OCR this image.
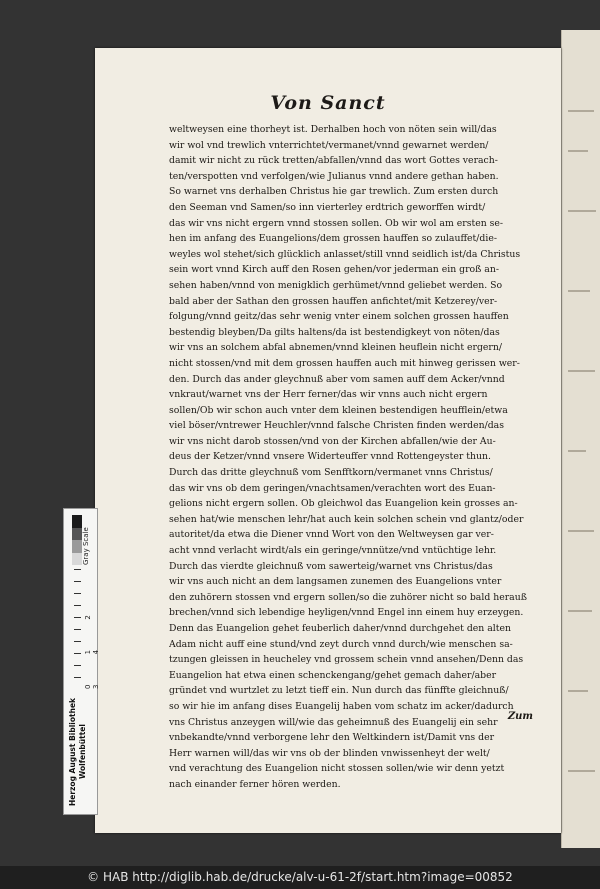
Von Sanct
weltweysen eine thorheyt ist. Derhalben hoch von nöten sein will/das
wir wol vnd trewlich vnterrichtet/vermanet/vnnd gewarnet werden/
damit wir nicht zu rück tretten/abfallen/vnnd das wort Gottes verach-
ten/verspotten vnd verfolgen/wie Julianus vnnd andere gethan haben.
So warnet vns derhalben Christus hie gar trewlich. Zum ersten durch
den Seeman vnd Samen/so inn vierterley erdtrich geworffen wirdt/
das wir vns nicht ergern vnnd stossen sollen. Ob wir wol am ersten se-
hen im anfang des Euangelions/dem grossen hauffen so zulauffet/die-
weyles wol stehet/sich glücklich anlasset/still vnnd seidlich ist/da Christus
sein wort vnnd Kirch auff den Rosen gehen/vor jederman ein groß an-
sehen haben/vnnd von menigklich gerhümet/vnnd geliebet werden. So
bald aber der Sathan den grossen hauffen anfichtet/mit Ketzerey/ver-
folgung/vnnd geitz/das sehr wenig vnter einem solchen grossen hauffen
bestendig bleyben/Da gilts haltens/da ist bestendigkeyt von nöten/das
wir vns an solchem abfal abnemen/vnnd kleinen heuflein nicht ergern/
nicht stossen/vnd mit dem grossen hauffen auch mit hinweg gerissen wer-
den. Durch das ander gleychnuß aber vom samen auff dem Acker/vnnd
vnkraut/warnet vns der Herr ferner/das wir vnns auch nicht ergern
sollen/Ob wir schon auch vnter dem kleinen bestendigen heufflein/etwa
viel böser/vntrewer Heuchler/vnnd falsche Christen finden werden/das
wir vns nicht darob stossen/vnd von der Kirchen abfallen/wie der Au-
deus der Ketzer/vnnd vnsere Widerteuffer vnnd Rottengeyster thun.
Durch das dritte gleychnuß vom Senfftkorn/vermanet vnns Christus/
das wir vns ob dem geringen/vnachtsamen/verachten wort des Euan-
gelions nicht ergern sollen. Ob gleichwol das Euangelion kein grosses an-
sehen hat/wie menschen lehr/hat auch kein solchen schein vnd glantz/oder
autoritet/da etwa die Diener vnnd Wort von den Weltweysen gar ver-
acht vnnd verlacht wirdt/als ein geringe/vnnütze/vnd vntüchtige lehr.
Durch das vierdte gleichnuß vom sawerteig/warnet vns Christus/das
wir vns auch nicht an dem langsamen zunemen des Euangelions vnter
den zuhörern stossen vnd ergern sollen/so die zuhörer nicht so bald herauß
brechen/vnnd sich lebendige heyligen/vnnd Engel inn einem huy erzeygen.
Denn das Euangelion gehet feuberlich daher/vnnd durchgehet den alten
Adam nicht auff eine stund/vnd zeyt durch vnnd durch/wie menschen sa-
tzungen gleissen in heucheley vnd grossem schein vnnd ansehen/Denn das
Euangelion hat etwa einen schenckengang/gehet gemach daher/aber
gründet vnd wurtzlet zu letzt tieff ein. Nun durch das fünffte gleichnuß/
so wir hie im anfang dises Euangelij haben vom schatz im acker/dadurch
vns Christus anzeygen will/wie das geheimnuß des Euangelij ein sehr
vnbekandte/vnnd verborgene lehr den Weltkindern ist/Damit vns der
Herr warnen will/das wir vns ob der blinden vnwissenheyt der welt/
vnd verachtung des Euangelion nicht stossen sollen/wie wir denn yetzt
nach einander ferner hören werden.
Zum
Gray Scale
0 1 2 3 4
Herzog August Bibliothek Wolfenbüttel
© HAB http://diglib.hab.de/drucke/alv-u-61-2f/start.htm?image=00852
